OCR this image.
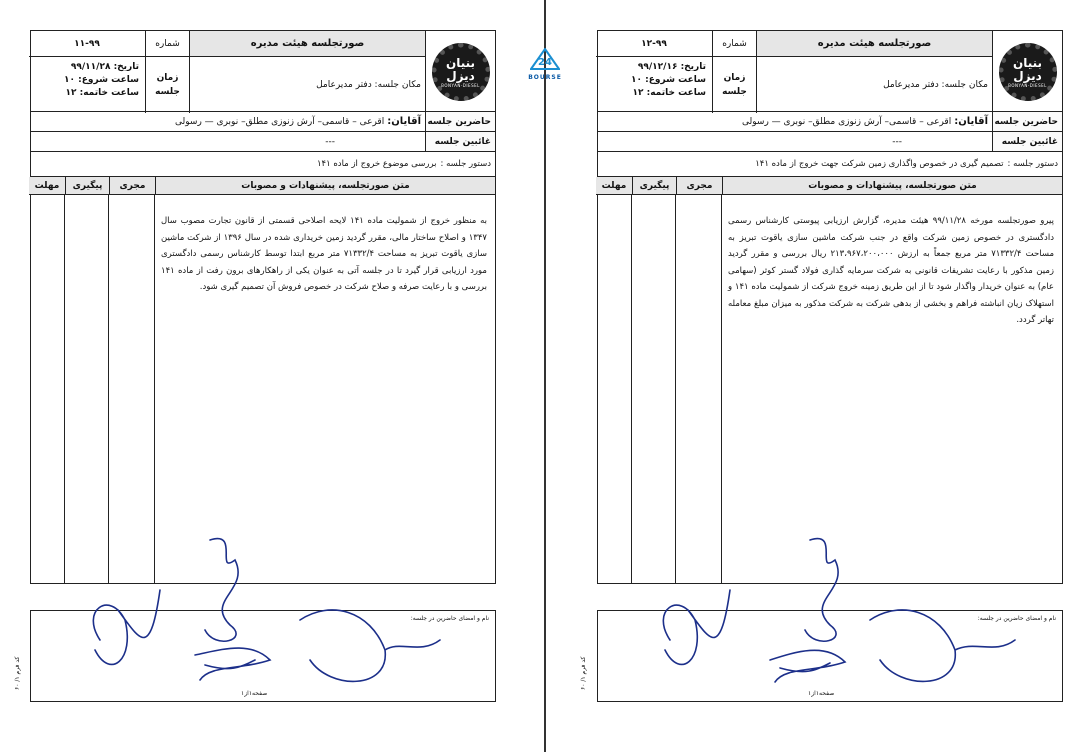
24
BOURSE
بنیان
دیزل
BONYAN-DIESEL
صورتجلسه هیئت مدیره
مکان جلسه: دفتر مدیرعامل
شماره
۱۲-۹۹
زمان
جلسه
تاریخ: ۹۹/۱۲/۱۶
ساعت شروع: ۱۰
ساعت خاتمه: ۱۲
حاضرین جلسه
آقایان:
اقرعی – قاسمی– آرش زنوزی مطلق– نوبری — رسولی
غائبین جلسه
---
دستور جلسه :
تصمیم گیری در خصوص واگذاری زمین شرکت جهت خروج از ماده ۱۴۱
متن صورتجلسه، پیشنهادات و مصوبات
مجری
پیگیری
مهلت
پیرو صورتجلسه مورخه ۹۹/۱۱/۲۸ هیئت مدیره، گزارش ارزیابی پیوستی کارشناس رسمی دادگستری در خصوص زمین شرکت واقع در جنب شرکت ماشین سازی یاقوت تبریز به مساحت ۷۱۳۳۲/۴ متر مربع جمعاً به ارزش ۲۱۳،۹۶۷،۲۰۰،۰۰۰ ریال بررسی و مقرر گردید زمین مذکور با رعایت تشریفات قانونی به شرکت سرمایه گذاری فولاد گستر کوثر (سهامی عام) به عنوان خریدار واگذار شود تا از این طریق زمینه خروج شرکت از شمولیت ماده ۱۴۱ و استهلاک زیان انباشته فراهم و بخشی از بدهی شرکت به شرکت مذکور به میزان مبلغ معامله تهاتر گردد.
نام و امضای حاضرین در جلسه:
صفحه۱از۱
بنیان
دیزل
BONYAN-DIESEL
صورتجلسه هیئت مدیره
مکان جلسه: دفتر مدیرعامل
شماره
۱۱-۹۹
زمان
جلسه
تاریخ: ۹۹/۱۱/۲۸
ساعت شروع: ۱۰
ساعت خاتمه: ۱۲
حاضرین جلسه
آقایان:
اقرعی – قاسمی– آرش زنوزی مطلق– نوبری — رسولی
غائبین جلسه
---
دستور جلسه :
بررسی موضوع خروج از ماده ۱۴۱
متن صورتجلسه، پیشنهادات و مصوبات
مجری
پیگیری
مهلت
به منظور خروج از شمولیت ماده ۱۴۱ لایحه اصلاحی قسمتی از قانون تجارت مصوب سال ۱۳۴۷ و اصلاح ساختار مالی، مقرر گردید زمین خریداری شده در سال ۱۳۹۶ از شرکت ماشین سازی یاقوت تبریز به مساحت ۷۱۳۳۲/۴ متر مربع ابتدا توسط کارشناس رسمی دادگستری مورد ارزیابی قرار گیرد تا در جلسه آتی به عنوان یکی از راهکارهای برون رفت از ماده ۱۴۱ بررسی و با رعایت صرفه و صلاح شرکت در خصوص فروش آن تصمیم گیری شود.
نام و امضای حاضرین در جلسه:
صفحه۱از۱
کد فرم ۱/ ۶۰
کد فرم ۱/ ۶۰
